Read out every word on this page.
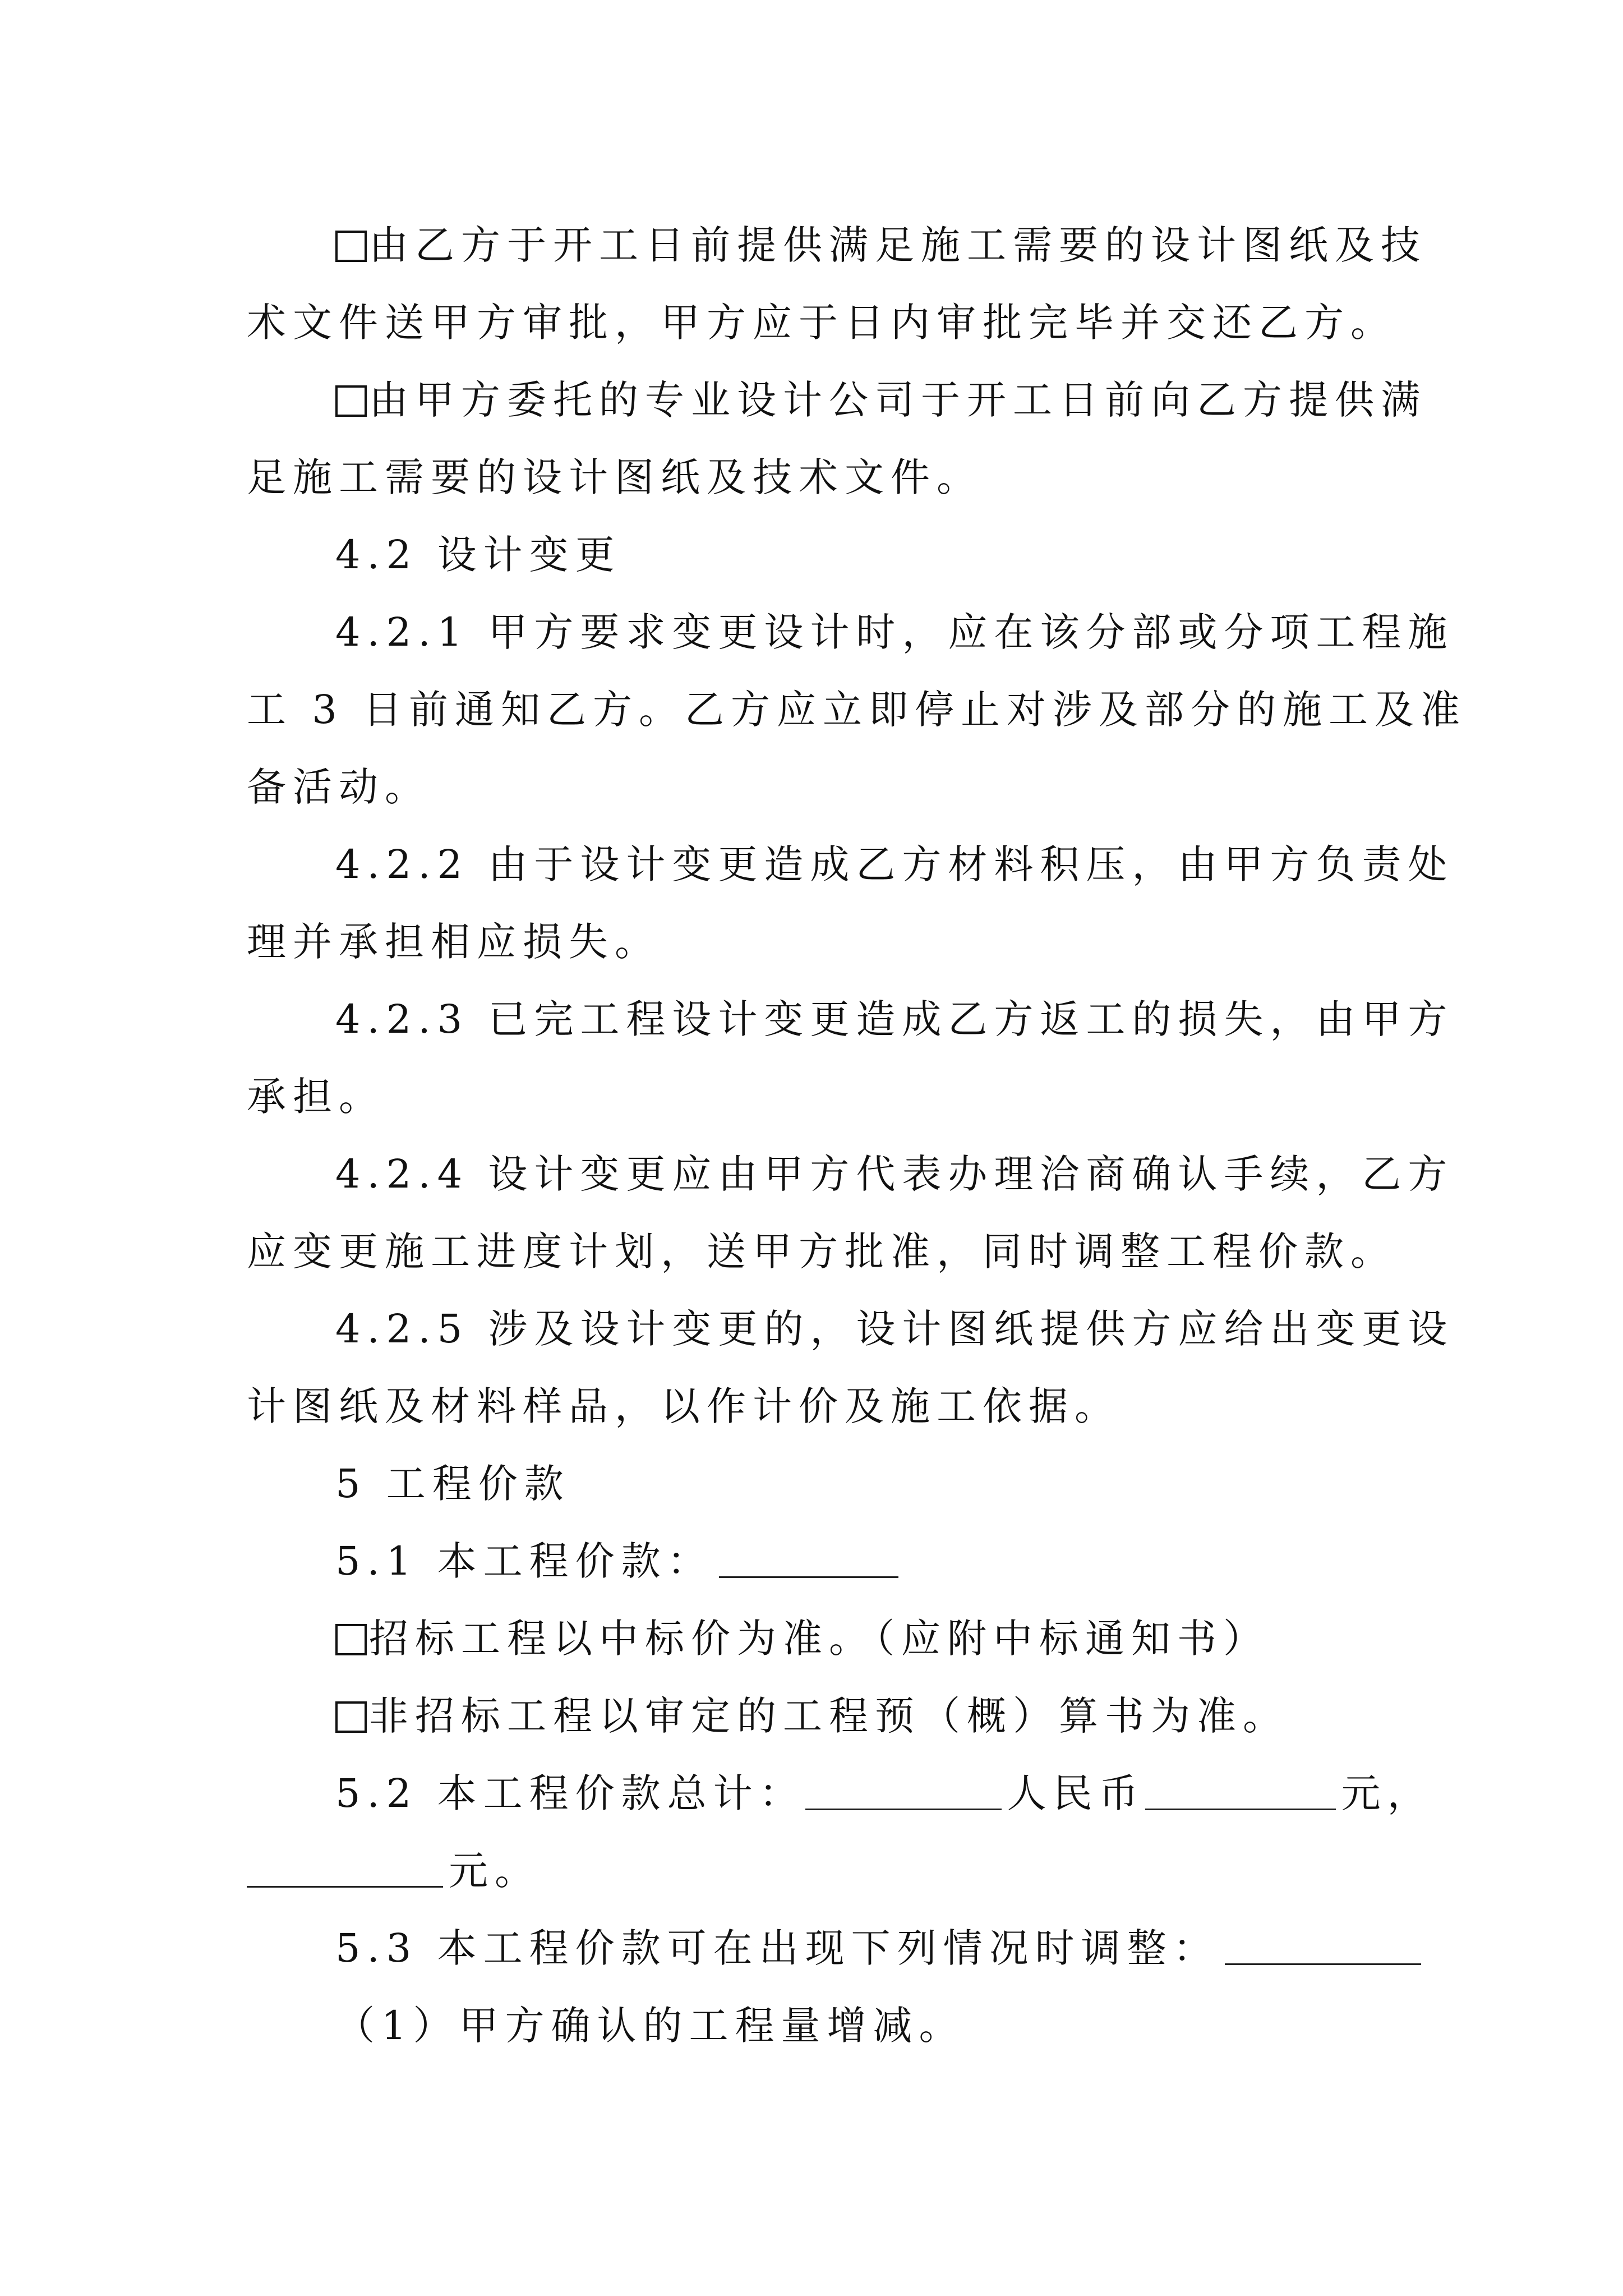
由乙方于开工日前提供满足施工需要的设计图纸及技
术文件送甲方审批，甲方应于日内审批完毕并交还乙方。
由甲方委托的专业设计公司于开工日前向乙方提供满
足施工需要的设计图纸及技术文件。
4.2 设计变更
4.2.1 甲方要求变更设计时，应在该分部或分项工程施
工 3 日前通知乙方。乙方应立即停止对涉及部分的施工及准
备活动。
4.2.2 由于设计变更造成乙方材料积压，由甲方负责处
理并承担相应损失。
4.2.3 已完工程设计变更造成乙方返工的损失，由甲方
承担。
4.2.4 设计变更应由甲方代表办理洽商确认手续，乙方
应变更施工进度计划，送甲方批准，同时调整工程价款。
4.2.5 涉及设计变更的，设计图纸提供方应给出变更设
计图纸及材料样品，以作计价及施工依据。
5 工程价款
5.1 本工程价款：
招标工程以中标价为准。（应附中标通知书）
非招标工程以审定的工程预（概）算书为准。
5.2 本工程价款总计：	人民币	元，
元。
5.3 本工程价款可在出现下列情况时调整：
（1）甲方确认的工程量增减。
